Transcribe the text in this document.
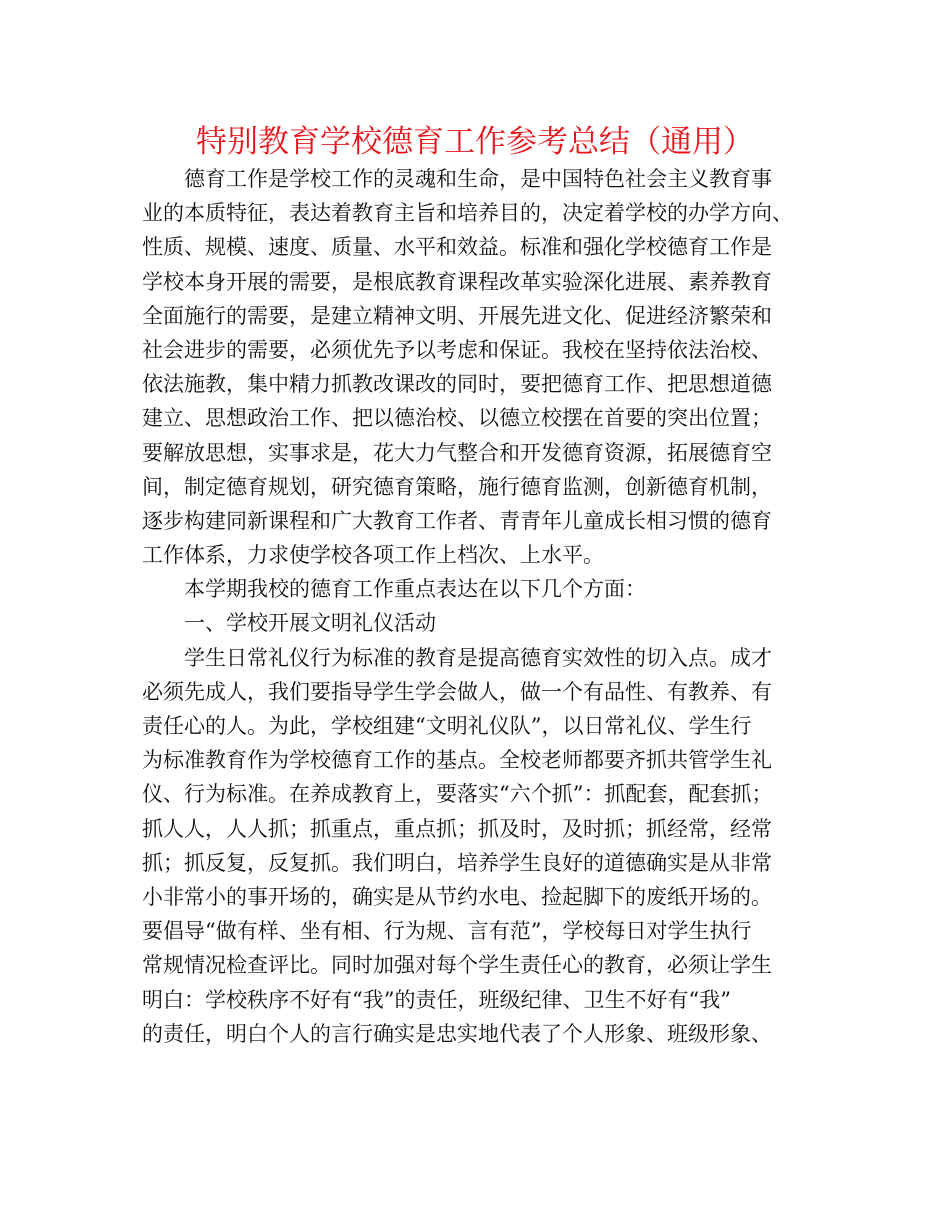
特别教育学校德育工作参考总结（通用）
德育工作是学校工作的灵魂和生命，是中国特色社会主义教育事
业的本质特征，表达着教育主旨和培养目的，决定着学校的办学方向、
性质、规模、速度、质量、水平和效益。标准和强化学校德育工作是
学校本身开展的需要，是根底教育课程改革实验深化进展、素养教育
全面施行的需要，是建立精神文明、开展先进文化、促进经济繁荣和
社会进步的需要，必须优先予以考虑和保证。我校在坚持依法治校、
依法施教，集中精力抓教改课改的同时，要把德育工作、把思想道德
建立、思想政治工作、把以德治校、以德立校摆在首要的突出位置；
要解放思想，实事求是，花大力气整合和开发德育资源，拓展德育空
间，制定德育规划，研究德育策略，施行德育监测，创新德育机制，
逐步构建同新课程和广大教育工作者、青青年儿童成长相习惯的德育
工作体系，力求使学校各项工作上档次、上水平。
本学期我校的德育工作重点表达在以下几个方面：
一、学校开展文明礼仪活动
学生日常礼仪行为标准的教育是提高德育实效性的切入点。成才
必须先成人，我们要指导学生学会做人，做一个有品性、有教养、有
责任心的人。为此，学校组建“文明礼仪队”，以日常礼仪、学生行
为标准教育作为学校德育工作的基点。全校老师都要齐抓共管学生礼
仪、行为标准。在养成教育上，要落实“六个抓”：抓配套，配套抓；
抓人人，人人抓；抓重点，重点抓；抓及时，及时抓；抓经常，经常
抓；抓反复，反复抓。我们明白，培养学生良好的道德确实是从非常
小非常小的事开场的，确实是从节约水电、捡起脚下的废纸开场的。
要倡导“做有样、坐有相、行为规、言有范”，学校每日对学生执行
常规情况检查评比。同时加强对每个学生责任心的教育，必须让学生
明白：学校秩序不好有“我”的责任，班级纪律、卫生不好有“我”
的责任，明白个人的言行确实是忠实地代表了个人形象、班级形象、
